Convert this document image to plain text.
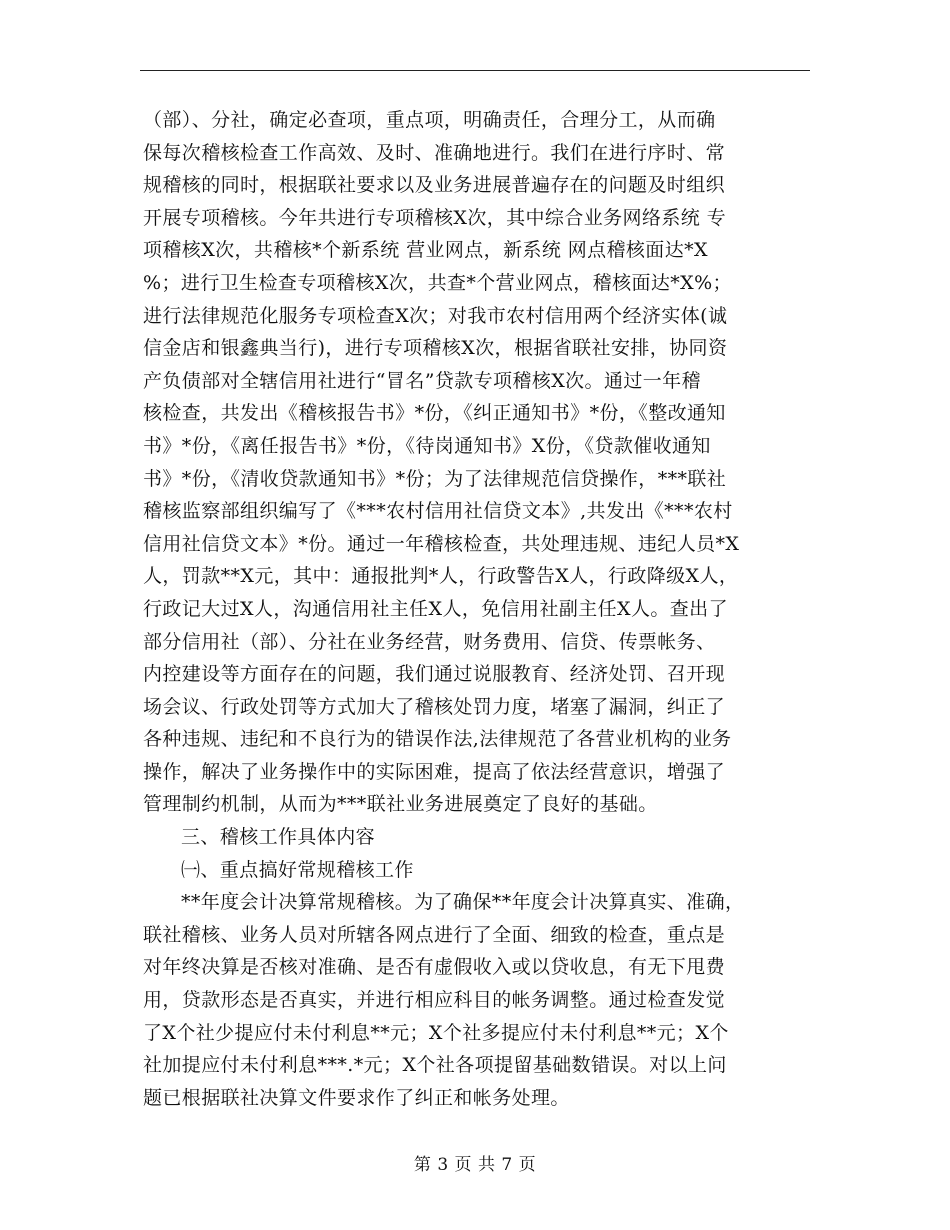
（部）、分社，确定必查项，重点项，明确责任，合理分工，从而确
保每次稽核检查工作高效、及时、准确地进行。我们在进行序时、常
规稽核的同时，根据联社要求以及业务进展普遍存在的问题及时组织
开展专项稽核。今年共进行专项稽核X次，其中综合业务网络系统 专
项稽核X次，共稽核*个新系统 营业网点，新系统 网点稽核面达*X
%；进行卫生检查专项稽核X次，共查*个营业网点，稽核面达*X%；
进行法律规范化服务专项检查X次；对我市农村信用两个经济实体(诚
信金店和银鑫典当行)，进行专项稽核X次，根据省联社安排，协同资
产负债部对全辖信用社进行“冒名”贷款专项稽核X次。通过一年稽
核检查，共发出《稽核报告书》*份，《纠正通知书》*份，《整改通知
书》*份，《离任报告书》*份，《待岗通知书》X份，《贷款催收通知
书》*份，《清收贷款通知书》*份；为了法律规范信贷操作，***联社
稽核监察部组织编写了《***农村信用社信贷文本》,共发出《***农村
信用社信贷文本》*份。通过一年稽核检查，共处理违规、违纪人员*X
人，罚款**X元，其中：通报批判*人，行政警告X人，行政降级X人，
行政记大过X人，沟通信用社主任X人，免信用社副主任X人。查出了
部分信用社（部）、分社在业务经营，财务费用、信贷、传票帐务、
内控建设等方面存在的问题，我们通过说服教育、经济处罚、召开现
场会议、行政处罚等方式加大了稽核处罚力度，堵塞了漏洞，纠正了
各种违规、违纪和不良行为的错误作法,法律规范了各营业机构的业务
操作，解决了业务操作中的实际困难，提高了依法经营意识，增强了
管理制约机制，从而为***联社业务进展奠定了良好的基础。
三、稽核工作具体内容
㈠、重点搞好常规稽核工作
**年度会计决算常规稽核。为了确保**年度会计决算真实、准确，
联社稽核、业务人员对所辖各网点进行了全面、细致的检查，重点是
对年终决算是否核对准确、是否有虚假收入或以贷收息，有无下甩费
用，贷款形态是否真实，并进行相应科目的帐务调整。通过检查发觉
了X个社少提应付未付利息**元；X个社多提应付未付利息**元；X个
社加提应付未付利息***.*元；X个社各项提留基础数错误。对以上问
题已根据联社决算文件要求作了纠正和帐务处理。
第 3 页 共 7 页
